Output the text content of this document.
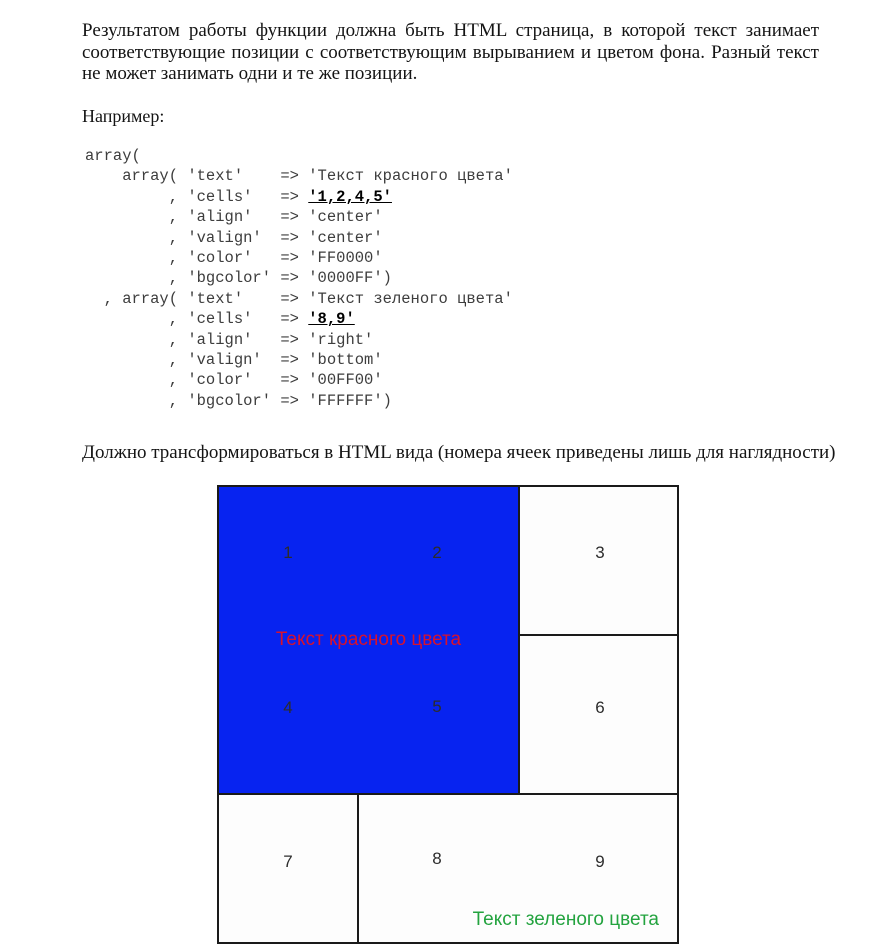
Результатом работы функции должна быть HTML страница, в которой текст занимает соответствующие позиции с соответствующим вырыванием и цветом фона. Разный текст не может занимать одни и те же позиции.

Например:

array(
array( 'text'    => 'Текст красного цвета'
, 'cells'   => '1,2,4,5'
, 'align'   => 'center'
, 'valign'  => 'center'
, 'color'   => 'FF0000'
, 'bgcolor' => '0000FF')
, array( 'text'    => 'Текст зеленого цвета'
, 'cells'   => '8,9'
, 'align'   => 'right'
, 'valign'  => 'bottom'
, 'color'   => '00FF00'
, 'bgcolor' => 'FFFFFF')

Должно трансформироваться в HTML вида (номера ячеек приведены лишь для наглядности)

Текст красного цвета
Текст зеленого цвета
1	2	3
4	5	6
7	8	9
